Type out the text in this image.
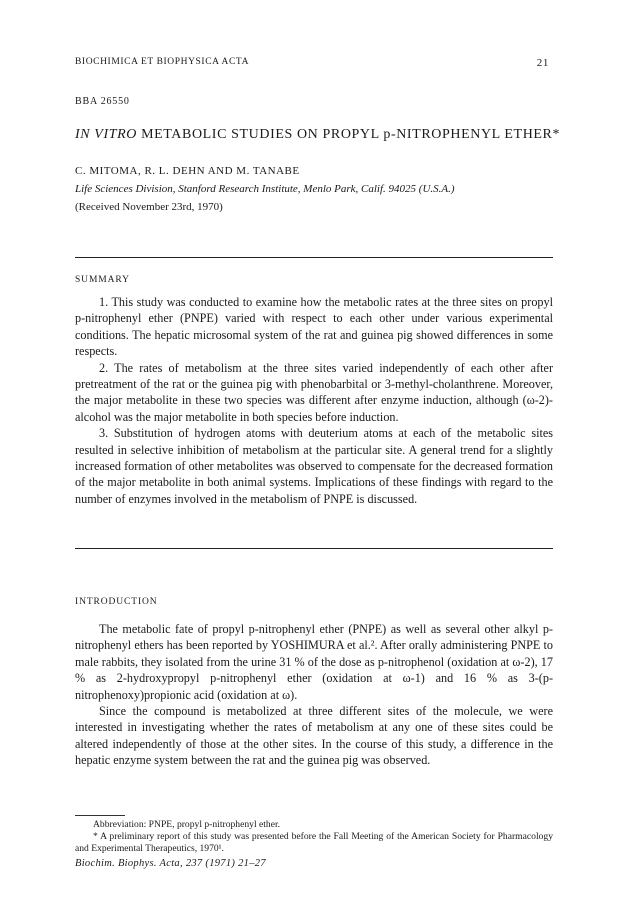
BIOCHIMICA ET BIOPHYSICA ACTA	21
BBA 26550
IN VITRO METABOLIC STUDIES ON PROPYL p-NITROPHENYL ETHER*
C. MITOMA, R. L. DEHN AND M. TANABE
Life Sciences Division, Stanford Research Institute, Menlo Park, Calif. 94025 (U.S.A.)
(Received November 23rd, 1970)
SUMMARY

1. This study was conducted to examine how the metabolic rates at the three sites on propyl p-nitrophenyl ether (PNPE) varied with respect to each other under various experimental conditions. The hepatic microsomal system of the rat and guinea pig showed differences in some respects.

2. The rates of metabolism at the three sites varied independently of each other after pretreatment of the rat or the guinea pig with phenobarbital or 3-methyl-cholanthrene. Moreover, the major metabolite in these two species was different after enzyme induction, although (ω-2)-alcohol was the major metabolite in both species before induction.

3. Substitution of hydrogen atoms with deuterium atoms at each of the metabolic sites resulted in selective inhibition of metabolism at the particular site. A general trend for a slightly increased formation of other metabolites was observed to compensate for the decreased formation of the major metabolite in both animal systems. Implications of these findings with regard to the number of enzymes involved in the metabolism of PNPE is discussed.

INTRODUCTION

The metabolic fate of propyl p-nitrophenyl ether (PNPE) as well as several other alkyl p-nitrophenyl ethers has been reported by YOSHIMURA et al.². After orally administering PNPE to male rabbits, they isolated from the urine 31 % of the dose as p-nitrophenol (oxidation at ω-2), 17 % as 2-hydroxypropyl p-nitrophenyl ether (oxidation at ω-1) and 16 % as 3-(p-nitrophenoxy)propionic acid (oxidation at ω).

Since the compound is metabolized at three different sites of the molecule, we were interested in investigating whether the rates of metabolism at any one of these sites could be altered independently of those at the other sites. In the course of this study, a difference in the hepatic enzyme system between the rat and the guinea pig was observed.

Abbreviation: PNPE, propyl p-nitrophenyl ether.

* A preliminary report of this study was presented before the Fall Meeting of the American Society for Pharmacology and Experimental Therapeutics, 1970¹.

Biochim. Biophys. Acta, 237 (1971) 21–27
